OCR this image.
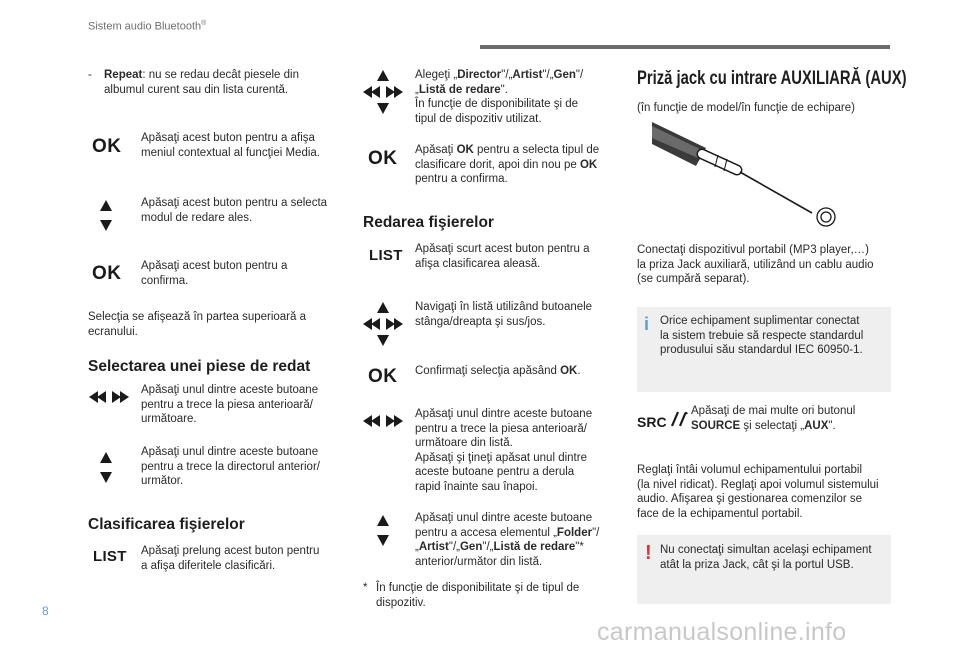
Sistem audio Bluetooth®
- Repeat: nu se redau decât piesele din
albumul curent sau din lista curentă.
OK Apăsaţi acest buton pentru a afişa
meniul contextual al funcţiei Media.
Apăsaţi acest buton pentru a selecta
modul de redare ales.
OK Apăsaţi acest buton pentru a
confirma.
Selecţia se afişează în partea superioară a
ecranului.
Selectarea unei piese de redat
Apăsaţi unul dintre aceste butoane
pentru a trece la piesa anterioară/
următoare.
Apăsaţi unul dintre aceste butoane
pentru a trece la directorul anterior/
următor.
Clasificarea fişierelor
LIST Apăsaţi prelung acest buton pentru
a afişa diferitele clasificări.
Alegeţi „Director"/„Artist"/„Gen"/
„Listă de redare".
În funcţie de disponibilitate şi de
tipul de dispozitiv utilizat.
OK Apăsaţi OK pentru a selecta tipul de
clasificare dorit, apoi din nou pe OK
pentru a confirma.
Redarea fişierelor
LIST Apăsaţi scurt acest buton pentru a
afişa clasificarea aleasă.
Navigaţi în listă utilizând butoanele
stânga/dreapta şi sus/jos.
OK Confirmaţi selecţia apăsând OK.
Apăsaţi unul dintre aceste butoane
pentru a trece la piesa anterioară/
următoare din listă.
Apăsaţi şi ţineţi apăsat unul dintre
aceste butoane pentru a derula
rapid înainte sau înapoi.
Apăsaţi unul dintre aceste butoane
pentru a accesa elementul „Folder"/
„Artist"/„Gen"/„Listă de redare"*
anterior/următor din listă.
* În funcţie de disponibilitate şi de tipul de
dispozitiv.
Priză jack cu intrare AUXILIARĂ (AUX)
(în funcţie de model/în funcţie de echipare)
Conectaţi dispozitivul portabil (MP3 player,…)
la priza Jack auxiliară, utilizând un cablu audio
(se cumpără separat).
i Orice echipament suplimentar conectat
la sistem trebuie să respecte standardul
produsului său standardul IEC 60950-1.
SRC
Apăsaţi de mai multe ori butonul
SOURCE şi selectaţi „AUX".
Reglaţi întâi volumul echipamentului portabil
(la nivel ridicat). Reglaţi apoi volumul sistemului
audio. Afişarea şi gestionarea comenzilor se
face de la echipamentul portabil.
! Nu conectaţi simultan acelaşi echipament
atât la priza Jack, cât şi la portul USB.
8
carmanualsonline.info
